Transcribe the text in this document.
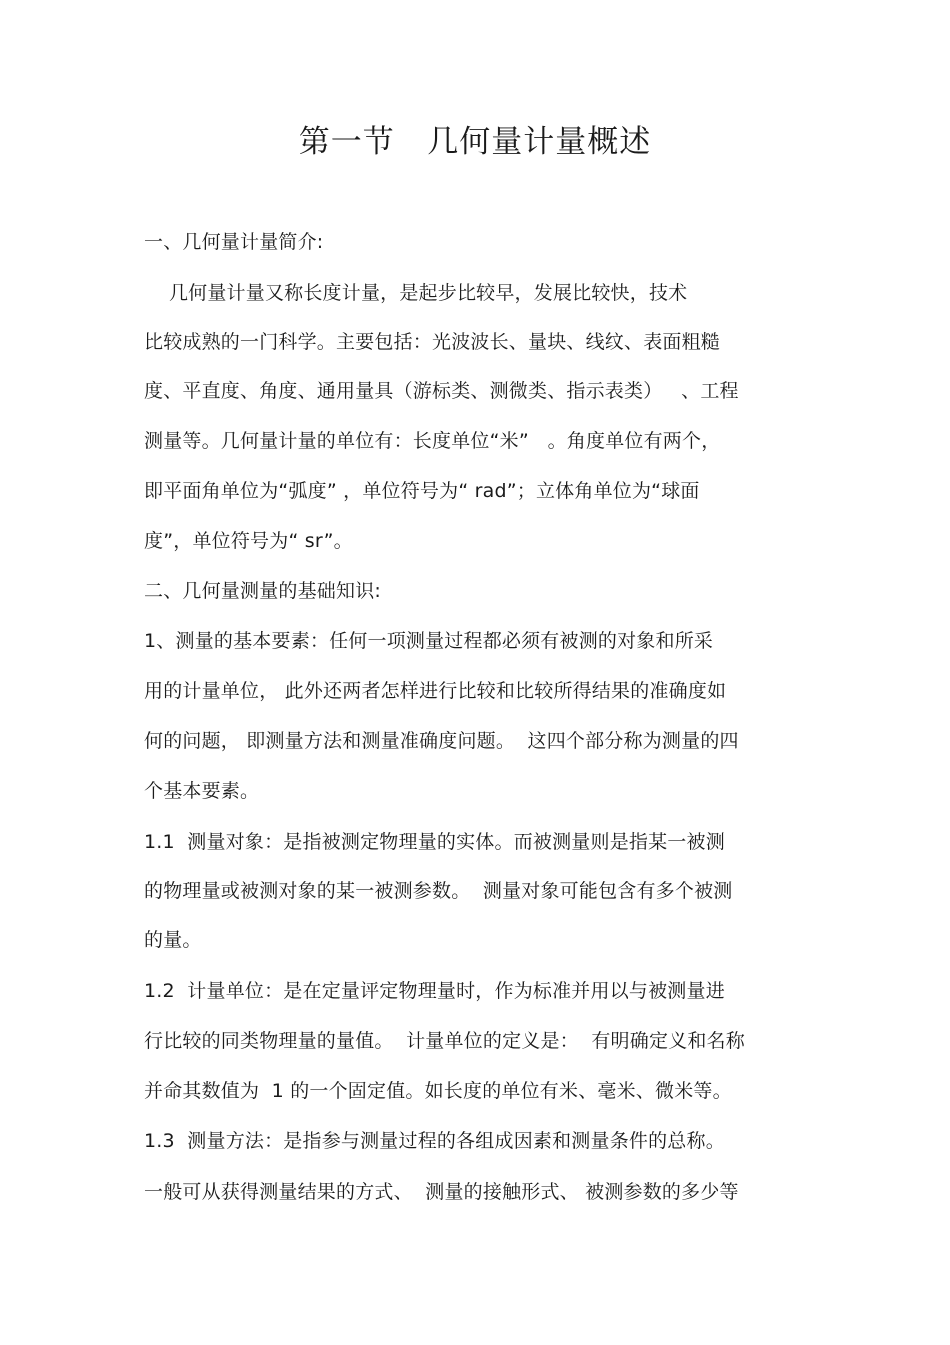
第一节   几何量计量概述
一、几何量计量简介:
几何量计量又称长度计量，是起步比较早，发展比较快，技术
比较成熟的一门科学。主要包括：光波波长、量块、线纹、表面粗糙
度、平直度、角度、通用量具（游标类、测微类、指示表类）   、工程
测量等。几何量计量的单位有：长度单位“米”   。角度单位有两个，
即平面角单位为“弧度” ，单位符号为“ rad”；立体角单位为“球面
度”，单位符号为“ sr”。
二、几何量测量的基础知识:
1、测量的基本要素：任何一项测量过程都必须有被测的对象和所采
用的计量单位， 此外还两者怎样进行比较和比较所得结果的准确度如
何的问题， 即测量方法和测量准确度问题。  这四个部分称为测量的四
个基本要素。
1.1  测量对象：是指被测定物理量的实体。而被测量则是指某一被测
的物理量或被测对象的某一被测参数。  测量对象可能包含有多个被测
的量。
1.2  计量单位：是在定量评定物理量时，作为标准并用以与被测量进
行比较的同类物理量的量值。  计量单位的定义是：  有明确定义和名称
并命其数值为  1 的一个固定值。如长度的单位有米、毫米、微米等。
1.3  测量方法：是指参与测量过程的各组成因素和测量条件的总称。
一般可从获得测量结果的方式、  测量的接触形式、 被测参数的多少等
